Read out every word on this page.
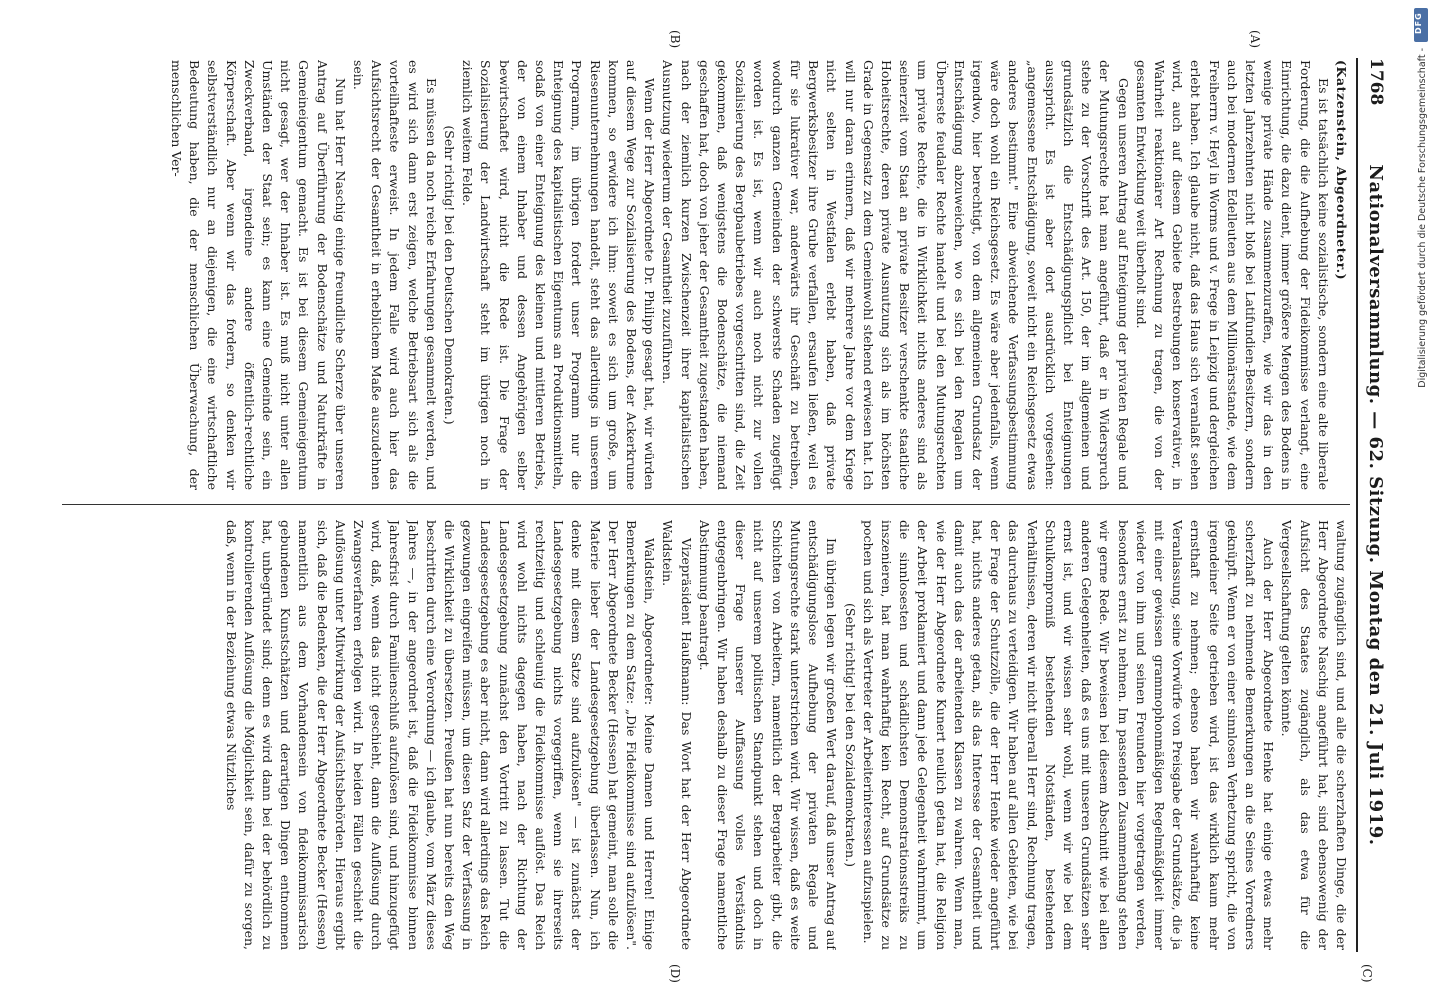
1768
Nationalversammlung. — 62. Sitzung. Montag den 21. Juli 1919.
(A)
(B)
(C)
(D)

(Katzenstein, Abgeordneter.)

Es ist tatsächlich keine sozialistische, sondern eine alte liberale Forderung, die die Aufhebung der Fideikommisse verlangt, eine Einrichtung, die dazu dient, immer größere Mengen des Bodens in wenige private Hände zusammenzuraffen, wie wir das in den letzten Jahrzehnten nicht bloß bei Latifundien-Besitzern, sondern auch bei modernen Edelleuten aus dem Millionärsstande, wie dem Freiherrn v. Heyl in Worms und v. Frege in Leipzig und dergleichen erlebt haben. Ich glaube nicht, daß das Haus sich veranlaßt sehen wird, auch auf diesem Gebiete Bestrebungen konservativer, in Wahrheit reaktionärer Art Rechnung zu tragen, die von der gesamten Entwicklung weit überholt sind.

Gegen unseren Antrag auf Enteignung der privaten Regale und der Mutungsrechte hat man angeführt, daß er in Widerspruch stehe zu der Vorschrift des Art. 150, der im allgemeinen und grundsätzlich die Entschädigungspflicht bei Enteignungen ausspricht. Es ist aber dort ausdrücklich vorgesehen: „angemessene Entschädigung, soweit nicht ein Reichsgesetz etwas anderes bestimmt." Eine abweichende Verfassungsbestimmung wäre doch wohl ein Reichsgesetz. Es wäre aber jedenfalls, wenn irgendwo, hier berechtigt, von dem allgemeinen Grundsatz der Entschädigung abzuweichen, wo es sich bei den Regalen um Überreste feudaler Rechte handelt und bei den Mutungsrechten um private Rechte, die in Wirklichkeit nichts anderes sind als seinerzeit vom Staat an private Besitzer verschenkte staatliche Hoheitsrechte, deren private Ausnutzung sich als im höchsten Grade in Gegensatz zu dem Gemeinwohl stehend erwiesen hat. Ich will nur daran erinnern, daß wir mehrere Jahre vor dem Kriege nicht selten in Westfalen erlebt haben, daß private Bergwerksbesitzer ihre Grube verfallen, ersaufen ließen, weil es für sie lukrativer war, anderwärts ihr Geschäft zu betreiben, wodurch ganzen Gemeinden der schwerste Schaden zugefügt worden ist. Es ist, wenn wir auch noch nicht zur vollen Sozialisierung des Bergbaubetriebes vorgeschritten sind, die Zeit gekommen, daß wenigstens die Bodenschätze, die niemand geschaffen hat, doch von jeher der Gesamtheit zugestanden haben, nach der ziemlich kurzen Zwischenzeit ihrer kapitalistischen Ausnutzung wiederum der Gesamtheit zuzuführen.

Wenn der Herr Abgeordnete Dr. Philipp gesagt hat, wir würden auf diesem Wege zur Sozialisierung des Bodens, der Ackerkrume kommen, so erwidere ich ihm: soweit es sich um große, um Riesenunternehmungen handelt, steht das allerdings in unserem Programm, im übrigen fordert unser Programm nur die Enteignung des kapitalistischen Eigentums an Produktionsmitteln, sodaß von einer Enteignung des kleinen und mittleren Betriebs, der von einem Inhaber und dessen Angehörigen selber bewirtschaftet wird, nicht die Rede ist. Die Frage der Sozialisierung der Landwirtschaft steht im übrigen noch in ziemlich weitem Felde.

(Sehr richtig! bei den Deutschen Demokraten.)

Es müssen da noch reiche Erfahrungen gesammelt werden, und es wird sich dann erst zeigen, welche Betriebsart sich als die vorteilhafteste erweist. In jedem Falle wird auch hier das Aufsichtsrecht der Gesamtheit in erheblichem Maße auszudehnen sein.

Nun hat Herr Naschig einige freundliche Scherze über unseren Antrag auf Überführung der Bodenschätze und Naturkräfte in Gemeineigentum gemacht. Es ist bei diesem Gemeineigentum nicht gesagt, wer der Inhaber ist. Es muß nicht unter allen Umständen der Staat sein; es kann eine Gemeinde sein, ein Zweckverband, irgendeine andere öffentlich-rechtliche Körperschaft. Aber wenn wir das fordern, so denken wir selbstverständlich nur an diejenigen, die eine wirtschaftliche Bedeutung haben, die der menschlichen Überwachung, der menschlichen Ver-

waltung zugänglich sind, und alle die scherzhaften Dinge, die der Herr Abgeordnete Naschig angeführt hat, sind ebensowenig der Aufsicht des Staates zugänglich, als das etwa für die Vergesellschaftung gelten könnte.

Auch der Herr Abgeordnete Henke hat einige etwas mehr scherzhaft zu nehmende Bemerkungen an die Seines Vorredners geknüpft. Wenn er von einer sinnlosen Verhetzung spricht, die von irgendeiner Seite getrieben wird, ist das wirklich kaum mehr ernsthaft zu nehmen; ebenso haben wir wahrhaftig keine Veranlassung, seine Vorwürfe von Preisgabe der Grundsätze, die ja mit einer gewissen grammophonmäßigen Regelmäßigkeit immer wieder von ihm und seinen Freunden hier vorgetragen werden, besonders ernst zu nehmen. Im passenden Zusammenhang stehen wir gerne Rede. Wir beweisen bei diesem Abschnitt wie bei allen anderen Gelegenheiten, daß es uns mit unseren Grundsätzen sehr ernst ist, und wir wissen sehr wohl, wenn wir wie bei dem Schulkompromiß bestehenden Notständen, bestehenden Verhältnissen, deren wir nicht überall Herr sind, Rechnung tragen, das durchaus zu verteidigen. Wir haben auf allen Gebieten, wie bei der Frage der Schutzzölle, die der Herr Henke wieder angeführt hat, nichts anderes getan, als das Interesse der Gesamtheit und damit auch das der arbeitenden Klassen zu wahren. Wenn man, wie der Herr Abgeordnete Kunert neulich getan hat, die Religion der Arbeit proklamiert und dann jede Gelegenheit wahrnimmt, um die sinnlosesten und schädlichsten Demonstrationsstreiks zu inszenieren, hat man wahrhaftig kein Recht, auf Grundsätze zu pochen und sich als Vertreter der Arbeiterinteressen aufzuspielen.

(Sehr richtig! bei den Sozialdemokraten.)

Im übrigen legen wir großen Wert darauf, daß unser Antrag auf entschädigungslose Aufhebung der privaten Regale und Mutungsrechte stark unterstrichen wird. Wir wissen, daß es weite Schichten von Arbeitern, namentlich der Bergarbeiter gibt, die nicht auf unserem politischen Standpunkt stehen und doch in dieser Frage unserer Auffassung volles Verständnis entgegenbringen. Wir haben deshalb zu dieser Frage namentliche Abstimmung beantragt.

Vizepräsident Haußmann: Das Wort hat der Herr Abgeordnete Waldstein.

Waldstein, Abgeordneter: Meine Damen und Herren! Einige Bemerkungen zu dem Satze: „Die Fideikommisse sind aufzulösen". Der Herr Abgeordnete Becker (Hessen) hat gemeint, man solle die Materie lieber der Landesgesetzgebung überlassen. Nun, ich denke mit diesem Satze sind aufzulösen" — ist zunächst der Landesgesetzgebung nichts vorgegriffen, wenn sie ihrerseits rechtzeitig und schleunig die Fideikommisse auflöst. Das Reich wird wohl nichts dagegen haben, nach der Richtung der Landesgesetzgebung zunächst den Vortritt zu lassen. Tut die Landesgesetzgebung es aber nicht, dann wird allerdings das Reich gezwungen eingreifen müssen, um diesen Satz der Verfassung in die Wirklichkeit zu übersetzen. Preußen hat nun bereits den Weg beschritten durch eine Verordnung — ich glaube, vom März dieses Jahres —, in der angeordnet ist, daß die Fideikommisse binnen Jahresfrist durch Familienschluß aufzulösen sind, und hinzugefügt wird, daß, wenn das nicht geschieht, dann die Auflösung durch Zwangsverfahren erfolgen wird. In beiden Fällen geschieht die Auflösung unter Mitwirkung der Aufsichtsbehörden. Hieraus ergibt sich, daß die Bedenken, die der Herr Abgeordnete Becker (Hessen) namentlich aus dem Vorhandensein von fideikommissarisch gebundenen Kunstschätzen und derartigen Dingen entnommen hat, unbegründet sind; denn es wird dann bei der behördlich zu kontrollierenden Auflösung die Möglichkeit sein, dafür zu sorgen, daß, wenn in der Beziehung etwas Nützliches

DFG
Digitalisierung gefördert durch die Deutsche Forschungsgemeinschaft -
